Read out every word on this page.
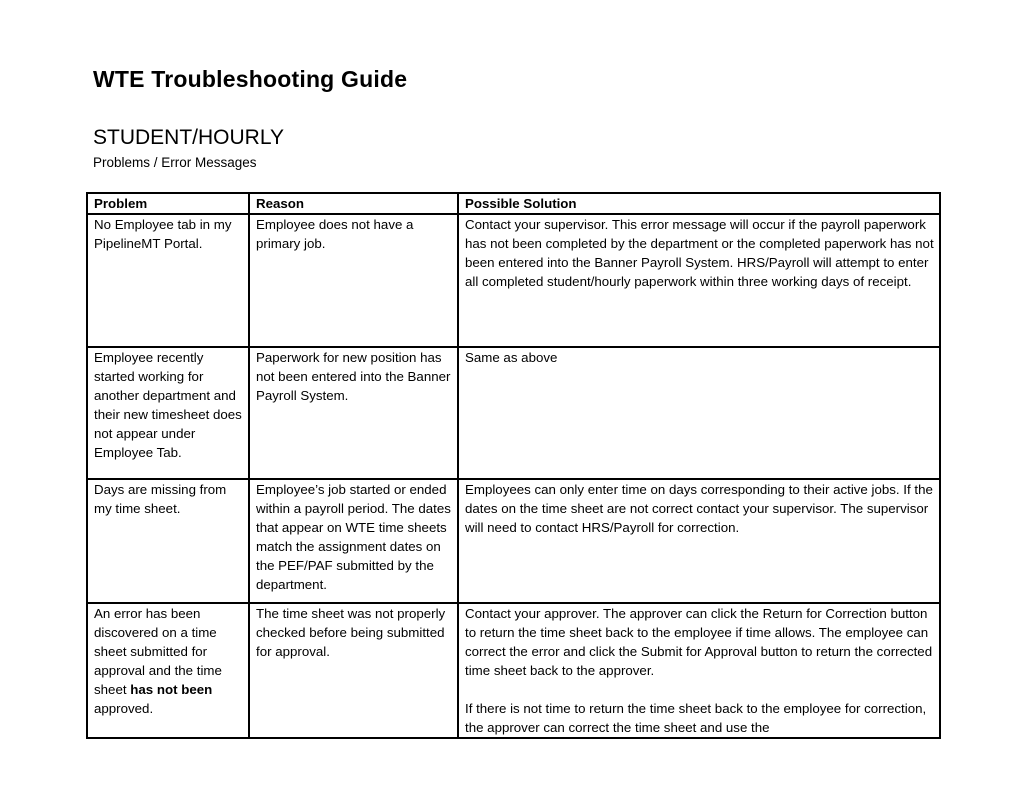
WTE Troubleshooting Guide
STUDENT/HOURLY
Problems / Error Messages
Problem	Reason	Possible Solution
No Employee tab in my PipelineMT Portal.	Employee does not have a primary job.	Contact your supervisor. This error message will occur if the payroll paperwork has not been completed by the department or the completed paperwork has not been entered into the Banner Payroll System. HRS/Payroll will attempt to enter all completed student/hourly paperwork within three working days of receipt.
Employee recently started working for another department and their new timesheet does not appear under Employee Tab.	Paperwork for new position has not been entered into the Banner Payroll System.	Same as above
Days are missing from my time sheet.	Employee’s job started or ended within a payroll period. The dates that appear on WTE time sheets match the assignment dates on the PEF/PAF submitted by the department.	Employees can only enter time on days corresponding to their active jobs. If the dates on the time sheet are not correct contact your supervisor. The supervisor will need to contact HRS/Payroll for correction.
An error has been discovered on a time sheet submitted for approval and the time sheet has not been approved.	The time sheet was not properly checked before being submitted for approval.	Contact your approver. The approver can click the Return for Correction button to return the time sheet back to the employee if time allows. The employee can correct the error and click the Submit for Approval button to return the corrected time sheet back to the approver.
If there is not time to return the time sheet back to the employee for correction, the approver can correct the time sheet and use the
